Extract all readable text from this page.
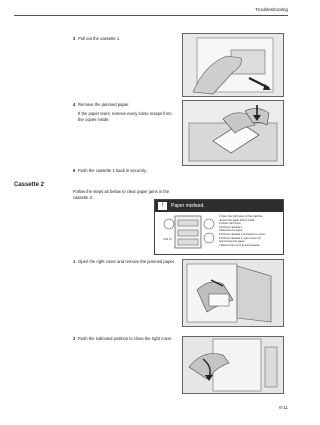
Troubleshooting
3 Pull out the cassette 1.
4 Remove the jammed paper.
If the paper tears, remove every loose scraps from the copier inside.
5 Push the cassette 1 back in securely.
Cassette 2
Follow the steps as below to clear paper jams in the cassette 2.
!	Paper misfeed.
JAM 12
1.Open the right cover of the machine,
remove the paper that is inside.
2.Close right cover.
3.Pull out cassette 1.
4.Remove the paper.
5.Pull out cassette 1 and push it in once.
6.Pull out cassette 2, open cover (C)
and remove the paper.
7.Return them (1 & 2) and cassette.
1 Open the right cover and remove the jammed paper.
2 Push the indicated position to close the right cover.
6-11
